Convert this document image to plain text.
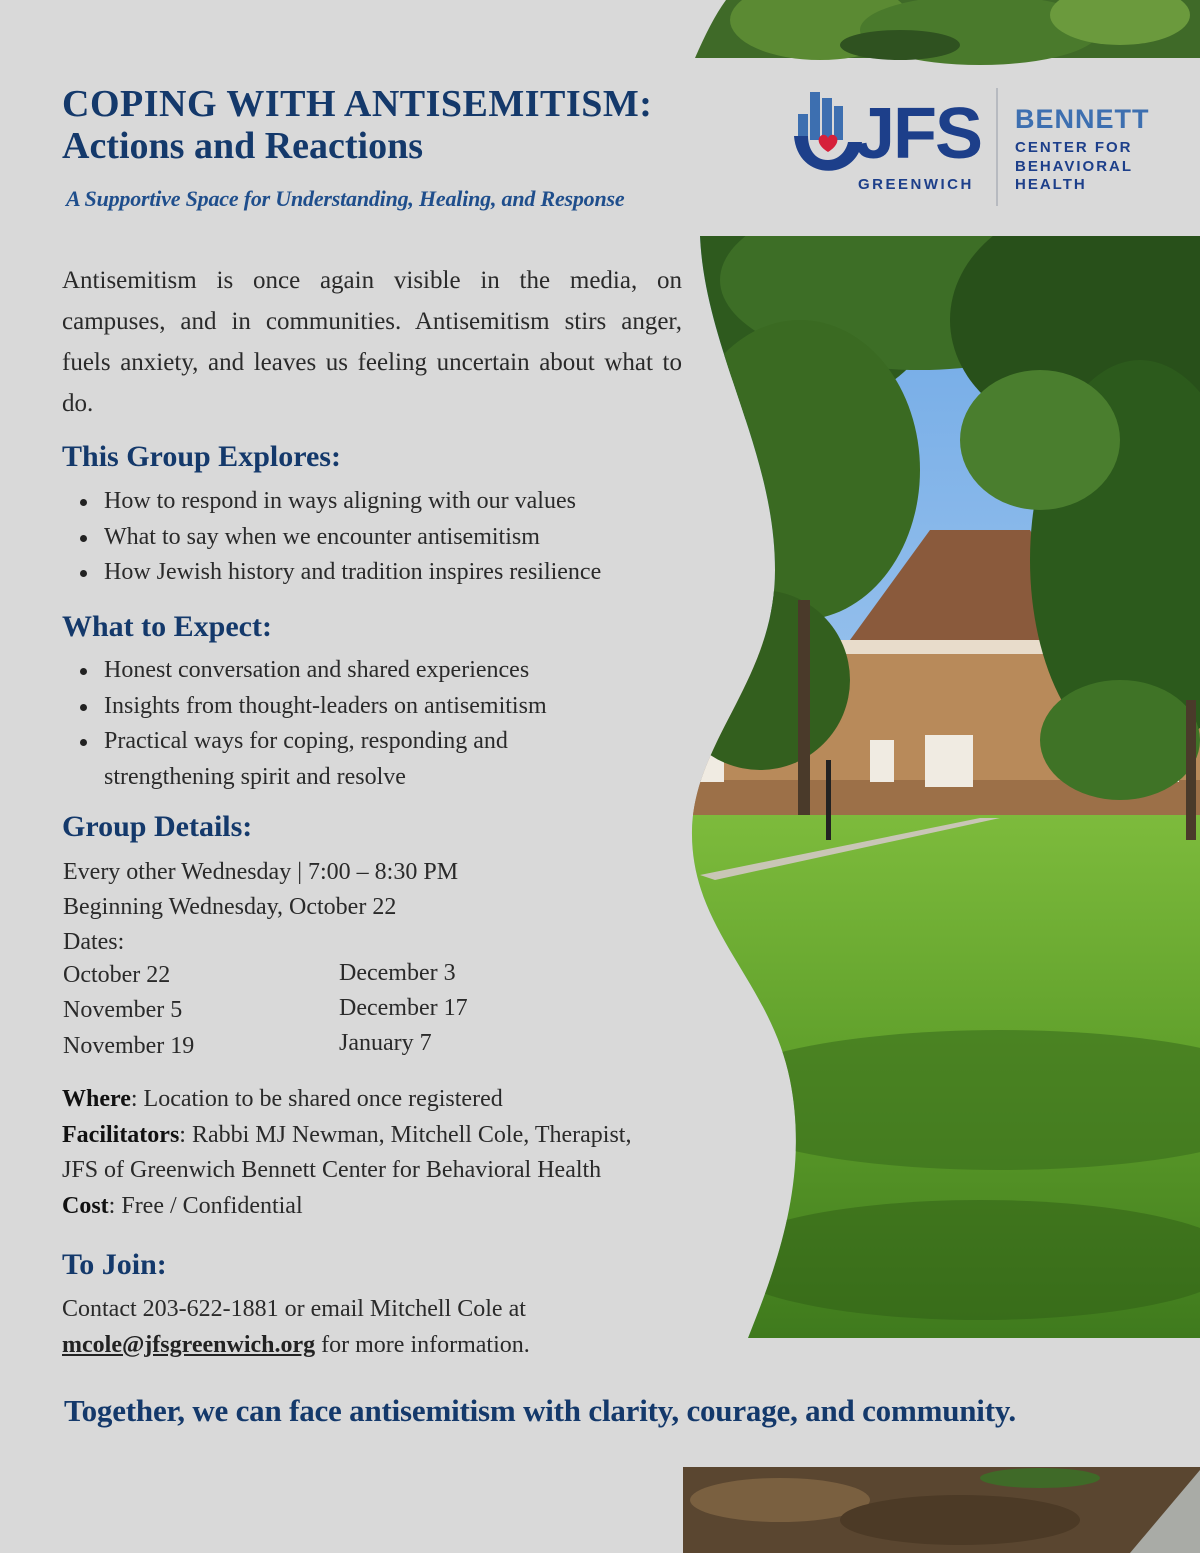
JFS
GREENWICH
BENNETT
CENTER FOR
BEHAVIORAL
HEALTH
COPING WITH ANTISEMITISM:
Actions and Reactions
A Supportive Space for Understanding, Healing, and Response

Antisemitism is once again visible in the media, on campuses, and in communities. Antisemitism stirs anger, fuels anxiety, and leaves us feeling uncertain about what to do.

This Group Explores:
How to respond in ways aligning with our values
What to say when we encounter antisemitism
How Jewish history and tradition inspires resilience
What to Expect:
Honest conversation and shared experiences
Insights from thought-leaders on antisemitism
Practical ways for coping, responding and strengthening spirit and resolve
Group Details:
Every other Wednesday | 7:00 – 8:30 PM
Beginning Wednesday, October 22
Dates:
October 22
November 5
November 19
December 3
December 17
January 7
Where: Location to be shared once registered
Facilitators: Rabbi MJ Newman, Mitchell Cole, Therapist,
JFS of Greenwich Bennett Center for Behavioral Health
Cost: Free / Confidential
To Join:
Contact 203-622-1881 or email Mitchell Cole at
mcole@jfsgreenwich.org for more information.
Together, we can face antisemitism with clarity, courage, and community.
